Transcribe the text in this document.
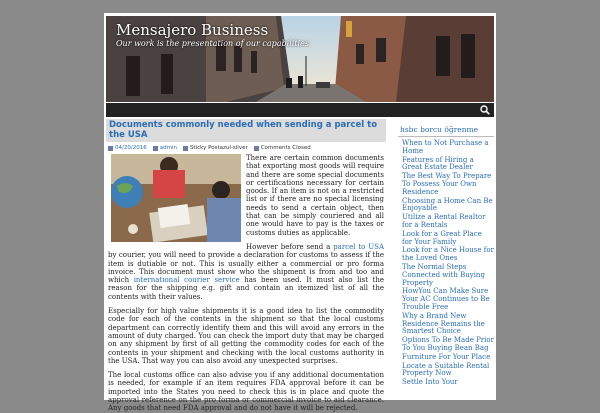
Mensajero Business
Our work is the presentation of our capabilities
Documents commonly needed when sending a parcel to the USA
04/20/2016 admin Sticky Postazul-silver Comments Closed

There are certain common documents that exporting most goods will require and there are some special documents or certifications necessary for certain goods. If an item is not on a restricted list or if there are no special licensing needs to send a certain object, then that can be simply couriered and all one would have to pay is the taxes or customs duties as applicable.

However before send a parcel to USA by courier, you will need to provide a declaration for customs to assess if the item is dutiable or not. This is usually either a commercial or pro forma invoice. This document must show who the shipment is from and too and which international courier service has been used. It must also list the reason for the shipping e.g. gift and contain an itemized list of all the contents with their values.

Especially for high value shipments it is a good idea to list the commodity code for each of the contents in the shipment so that the local customs department can correctly identify them and this will avoid any errors in the amount of duty charged. You can check the import duty that may be charged on any shipment by first of all getting the commodity codes for each of the contents in your shipment and checking with the local customs authority in the USA. That way you can also avoid any unexpected surprises.

The local customs office can also advise you if any additional documentation is needed, for example if an item requires FDA approval before it can be imported into the States you need to check this is in place and quote the approval reference on the pro forma or commercial invoice to aid clearance. Any goods that need FDA approval and do not have it will be rejected.

hsbc borcu öğrenme
When to Not Purchase a Home
Features of Hiring a Great Estate Dealer
The Best Way To Prepare To Possess Your Own Residence
Choosing a Home Can Be Enjoyable
Utilize a Rental Realtor for a Rentals
Look for a Great Place for Your Family
Look for a Nice House for the Loved Ones
The Normal Steps Connected with Buying Property
HowYou Can Make Sure Your AC Continues to Be Trouble Free
Why a Brand New Residence Remains the Smartest Choice
Options To Be Made Prior To You Buying Bean Bag
Furniture For Your Place
Locate a Suitable Rental Property Now
Settle Into Your
